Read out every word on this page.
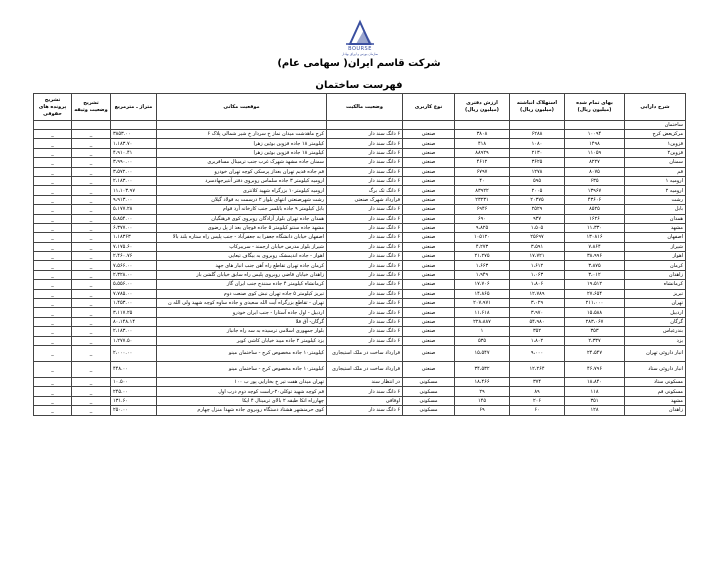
BOURSE
سازمان بورس و اوراق بهادار
شرکت قاسم ایران( سهامی عام)
فهرست ساختمان
شرح دارایی	بهای تمام شده (میلیون ریال)	استهلاک انباشته (میلیون ریال)	ارزش دفتری (میلیون ریال)	نوع کاربری	وضعیت مالکیت	موقعیت مکانی	متراژ ـ مترمربع	تشریح وضعیت وثیقه	تشریح پرونده های حقوقی
ساختمان									
مرکزیعض کرج	۱۰۰۹۴	۶۲۸۸	۳۸۰۸	صنعتی	۶ دانگ سند دار	کرج ماهدشت میدان نماز خ سردار خ شیر شمالی پلاک ۶	۳۸۵۳.۰۰	_	_
قزوین۱	۱۴۹۸	۱۰۸۰	۴۱۸	صنعتی	۶ دانگ سند دار	کیلومتر ۱۸ جاده قزوین بوئین زهرا	۱،۱۸۳.۷۰	_	_
قزوین۲	۱۱۰۵۹	۲۱۳۰	۸۸۹۲۹	صنعتی	۶ دانگ سند دار	کیلومتر ۱۸ جاده قزوین بوئین زهرا	۴،۹۱۰.۴۱	_	_
سمنان	۸۲۲۷	۳۶۲۵	۴۶۱۲	صنعتی	۶ دانگ سند دار	سمنان جاده مشهد شهرک غرب جنب ترمینال مسافربری	۳،۹۹۰.۰۰	_	_
قم	۸۰۷۵	۱۲۷۸	۶۷۹۷	صنعتی	۶ دانگ سند دار	قم جاده قدیم تهران بعداز پرسکی کوچه تهران خودرو	۳،۵۷۲.۰۰	_	_
ارومیه ۱	۶۳۵	۵۹۵	۴۰	صنعتی	۶ دانگ سند دار	ارومیه کیلومتر ۳ جاده سلماس روبروی دفتر آنتیرجهادسرد	۲،۱۸۳.۰۰	_	_
ارومیه ۲	۱۳۹۶۷	۲۰۰۵	۸۳۹۲۲	صنعتی	۶ دانگ تک برگ	ارومیه کیلومتر۱۰ بزرگراه شهید کلانتری	۱۱،۱۰۳.۹۷	_	_
رشت	۴۳۶۰۶	۲۰۳۷۵	۲۳۲۳۱	صنعتی	قرارداد شهرک صنعتی	رشت شهرصنعتی انتهای بلوار ۲ درسمت به فولاد گیلان	۹،۹۱۳.۰۰	_	_
بابل	۸۵۲۵	۲۵۲۹	۶۹۴۶	صنعتی	۶ دانگ سند دار	بابل کیلومتر ۹ جاده بابلسر جنب کارخانه آرد قوام	۵،۱۷۷.۲۸	_	_
همدان	۱۶۲۶	۹۳۷	۶۹۰	صنعتی	۶ دانگ سند دار	همدان جاده تهران بلوار آزادگان روبروی کوی فرهنگیان	۵،۸۵۴.۰۰	_	_
مشهد	۱۱،۳۳۰	۱،۵۰۵	۹،۸۲۵	صنعتی	۶ دانگ سند دار	مشهد جاده سنتو کیلومتر ۵ جاده قوچان بعد از پل رضوی	۶،۳۷۷.۰۰	_	_
اصفهان	۱۳۰۸۱۶	۲۵۶۹۷	۱۰۵۱۲۰	صنعتی	۶ دانگ سند دار	اصفهان خیابان دانشگاه جعفرا به جعفرآباد - جنب پلیس راه ستاره بلند بالا	۱،۱۸۳۶۳	_	_
شیراز	۷،۸۶۴	۳،۵۹۱	۴،۲۷۳	صنعتی	۶ دانگ سند دار	شیراز بلوار مدرس خیابان ارجمند - سریبرکاپ	۷،۱۷۵.۶۰	_	_
اهواز	۳۸،۹۹۶	۱۷،۷۲۱	۲۱،۲۷۵	صنعتی	۶ دانگ سند دار	اهواز - جاده اندیمشک روبروی به بیگاف تیعایی	۲،۴۶۰.۷۶	_	_
کرمان	۳،۸۷۵	۱،۶۱۲	۱،۶۶۳	صنعتی	۶ دانگ سند دار	کرمان جاده تهران تقاطع راه آهن جنب انبار های جهد	۷،۵۶۶.۰۰	_	_
زاهدان	۳،۰۱۲	۱،۰۶۳	۱،۹۴۹	صنعتی	۶ دانگ سند دار	زاهدان خیابان قاضی روبروی پلیس راه سابق خیابان گلشن باز	۲،۳۲۸.۰۰	_	_
کرمانشاه	۱۹،۵۱۲	۱،۸۰۶	۱۷،۷۰۶	صنعتی	۶ دانگ سند دار	کرمانشاه کیلومتر ۴ جاده سنندج جنب ایران گاز	۵،۵۵۶.۰۰	_	_
تبریز	۲۷،۶۵۴	۱۲،۷۸۹	۱۴،۸۶۵	صنعتی	۶ دانگ سند دار	تبریز کیلومتر ۵ جاده تهران نبش کوی صنعت دوم	۷،۷۸۵.۰۰	_	_
تهران	۲۱۱،۰۰۰	۳،۰۲۹	۲۰۷،۹۷۱	صنعتی	۶ دانگ سند دار	تهران - تقاطع بزرگراه آیت الله سعیدی و جاده ساوه کوچه شهید ولی الله ن	۱،۴۵۳.۰۰	_	_
اردبیل	۱۵،۵۸۸	۳،۹۷۰	۱۱،۶۱۸	صنعتی	۶ دانگ سند دار	اردبیل - اول جاده آستارا - جنب ایران خودرو	۳،۱۱۷.۲۵	_	_
گرگان	۲۸۳،۰۶۷	۵۴،۹۸۰	۲۲۸،۸۸۷	صنعتی	۶ دانگ سند دار	گرگان- آق قلا	۸۰،۱۴۸.۱۴	_	_
بندرعباس	۳۵۳	۳۵۲	۱	صنعتی	۶ دانگ سند دار	بلوار جمهوری اسلامی ترسیده به سه راه جانباز	۲،۱۸۳.۰۰	_	_
یزد	۲،۳۳۷	۱،۸۰۲	۵۳۵	صنعتی	۶ دانگ سند دار	یزد کیلومتر ۲ جاده میبد خیابان کاشی کویر	۱،۲۷۷.۵۰	_	_
انبار داروئی تهران	۲۴،۵۴۷	۹،۰۰۰	۱۵،۵۴۷	صنعتی	قرارداد ساخت در ملک استیجاری	کیلومتر۱۰ جاده مخصوص کرج - ساختمان مینو	۲،۰۰۰.۰۰	_	_
انبار داروئی ستاد	۴۶،۷۹۶	۱۲،۲۶۴	۳۴،۵۳۲	صنعتی	قرارداد ساخت در ملک استیجاری	کیلومتر۱۰ جاده مخصوص کرج - ساختمان مینو	۴۴۸.۰۰	_	_
مسکونی ستاد	۱۸،۸۴۰	۳۷۴	۱۸،۴۶۶	مسکونی	در انتظار سند	تهران میدان هفت تیر خ بخارایی پور ب ۱۰۰	۱۰.۵۰۰	_	_
مسکونی قم	۱۱۸	۸۹	۲۹	مسکونی	۶ دانگ سند دار	قم کوچه شهید توکلی۲۰-راست کوچه دوم درب اول	۲۴۵.۰۰	_	_
مشهد	۳۵۱	۲۰۶	۱۴۵	مسکونی	اوقافی	چهارراه اتکا طبقه ۲ بالای ترمینال ۴ ایکا	۱۳۱.۶۰	_	_
زاهدان	۱۲۸	۶۰	۶۹	مسکونی	۶ دانگ سند دار	کوی حرمنشهر هشتاد دستگاه روبروی جاده شهدا منزل چهارم	۲۵۰.۰۰	_	_
